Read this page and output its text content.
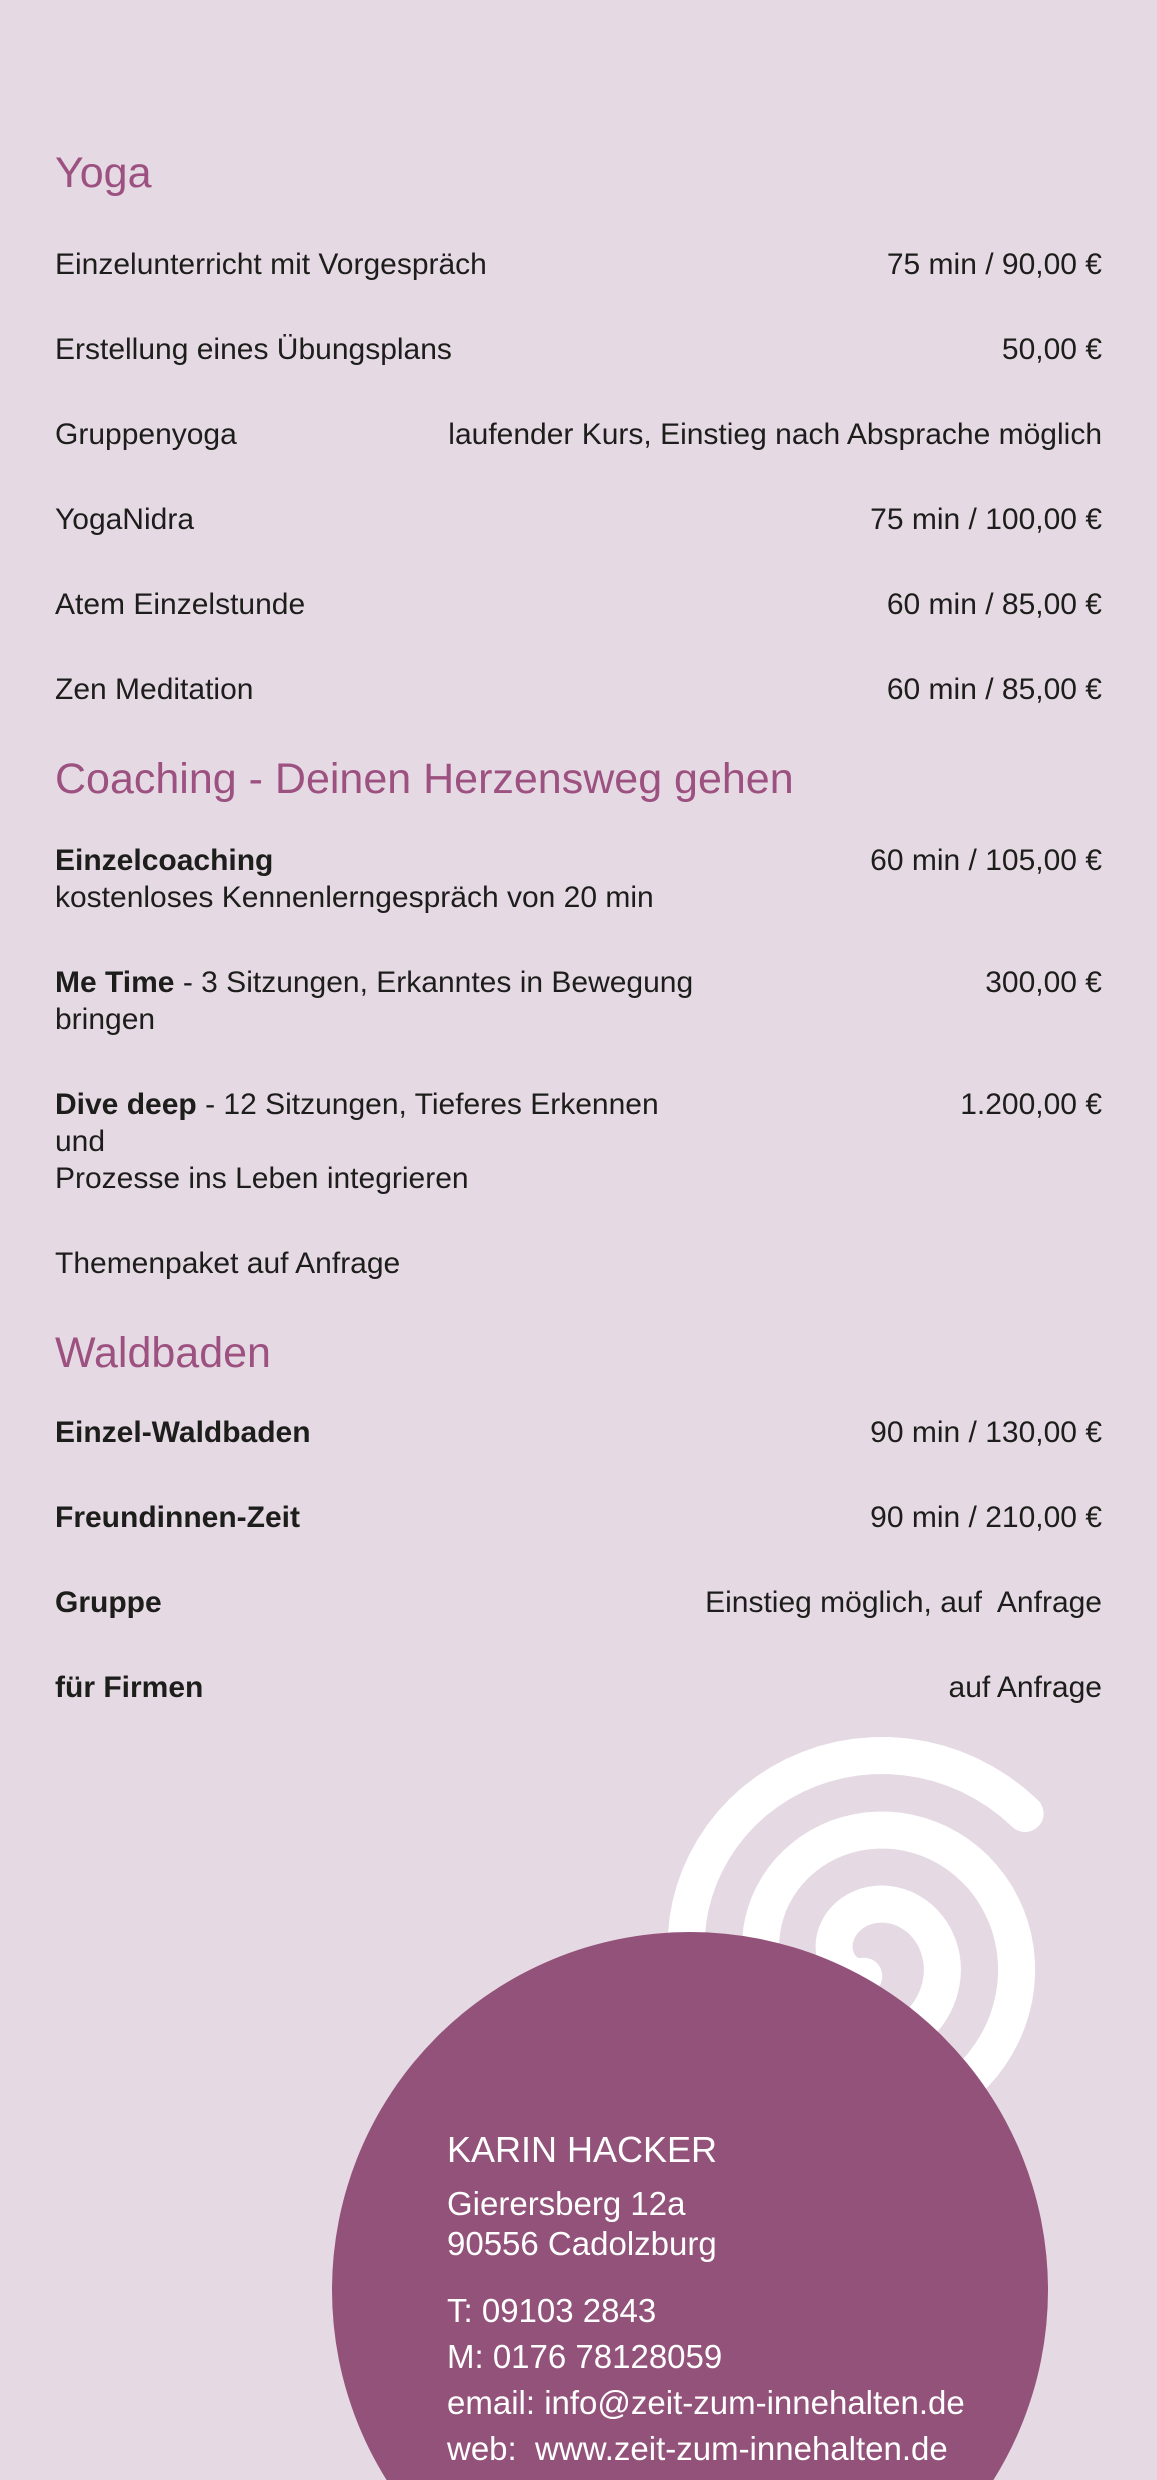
Yoga
Einzelunterricht mit Vorgespräch	75 min / 90,00 €
Erstellung eines Übungsplans	50,00 €
Gruppenyoga	laufender Kurs, Einstieg nach Absprache möglich
YogaNidra	75 min / 100,00 €
Atem Einzelstunde	60 min / 85,00 €
Zen Meditation	60 min / 85,00 €
Coaching - Deinen Herzensweg gehen
Einzelcoaching
kostenloses Kennenlerngespräch von 20 min
60 min / 105,00 €
Me Time - 3 Sitzungen, Erkanntes in Bewegung
bringen
300,00 €
Dive deep - 12 Sitzungen, Tieferes Erkennen und
Prozesse ins Leben integrieren
1.200,00 €
Themenpaket auf Anfrage
Waldbaden
Einzel-Waldbaden	90 min / 130,00 €
Freundinnen-Zeit	90 min / 210,00 €
Gruppe	Einstieg möglich, auf  Anfrage
für Firmen	auf Anfrage
KARIN HACKER
Gierersberg 12a
90556 Cadolzburg
T: 09103 2843
M: 0176 78128059
email: info@zeit-zum-innehalten.de
web:  www.zeit-zum-innehalten.de
